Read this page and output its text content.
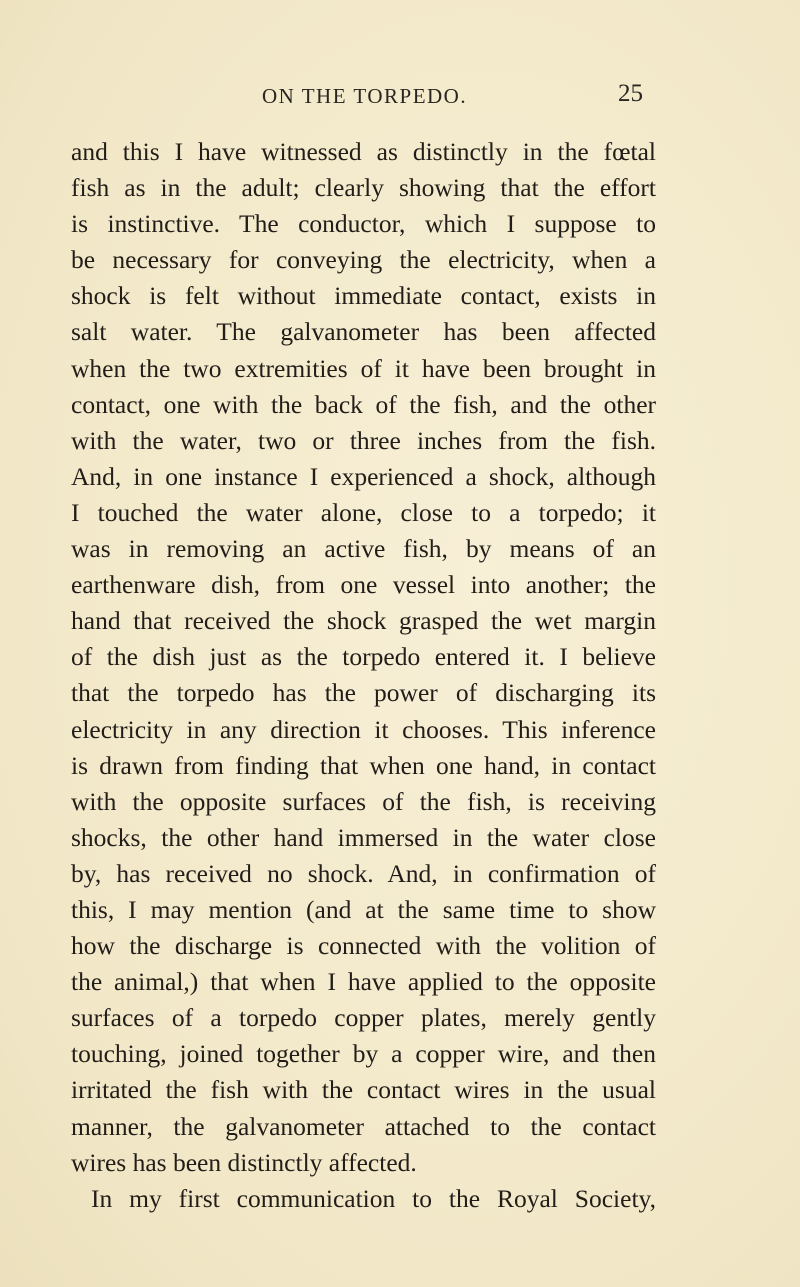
ON THE TORPEDO.	25
and this I have witnessed as distinctly in the fœtal
fish as in the adult; clearly showing that the effort
is instinctive. The conductor, which I suppose to
be necessary for conveying the electricity, when a
shock is felt without immediate contact, exists in
salt water. The galvanometer has been affected
when the two extremities of it have been brought in
contact, one with the back of the fish, and the other
with the water, two or three inches from the fish.
And, in one instance I experienced a shock, although
I touched the water alone, close to a torpedo; it
was in removing an active fish, by means of an
earthenware dish, from one vessel into another; the
hand that received the shock grasped the wet margin
of the dish just as the torpedo entered it. I believe
that the torpedo has the power of discharging its
electricity in any direction it chooses. This inference
is drawn from finding that when one hand, in contact
with the opposite surfaces of the fish, is receiving
shocks, the other hand immersed in the water close
by, has received no shock. And, in confirmation of
this, I may mention (and at the same time to show
how the discharge is connected with the volition of
the animal,) that when I have applied to the opposite
surfaces of a torpedo copper plates, merely gently
touching, joined together by a copper wire, and then
irritated the fish with the contact wires in the usual
manner, the galvanometer attached to the contact
wires has been distinctly affected.
In my first communication to the Royal Society,
